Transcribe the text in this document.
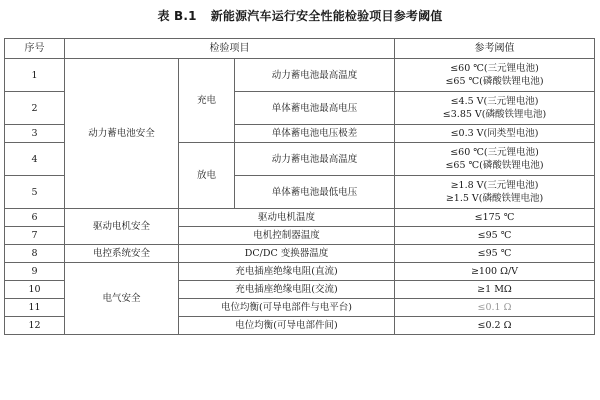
表 B.1 新能源汽车运行安全性能检验项目参考阈值
序号	检验项目			参考阈值
1	动力蓄电池安全	充电	动力蓄电池最高温度	≤60 ℃(三元锂电池)
≤65 ℃(磷酸铁锂电池)

2			单体蓄电池最高电压	≤4.5 V(三元锂电池)
≤3.85 V(磷酸铁锂电池)

3			单体蓄电池电压极差	≤0.3 V(同类型电池)

4		放电	动力蓄电池最高温度	≤60 ℃(三元锂电池)
≤65 ℃(磷酸铁锂电池)

5			单体蓄电池最低电压	≥1.8 V(三元锂电池)
≥1.5 V(磷酸铁锂电池)

6	驱动电机安全	驱动电机温度		≤175 ℃

7		电机控制器温度		≤95 ℃

8	电控系统安全	DC/DC 变换器温度		≤95 ℃

9	电气安全	充电插座绝缘电阻(直流)		≥100 Ω/V

10		充电插座绝缘电阻(交流)		≥1 MΩ

11		电位均衡(可导电部件与电平台)		≤0.1 Ω

12		电位均衡(可导电部件间)		≤0.2 Ω
